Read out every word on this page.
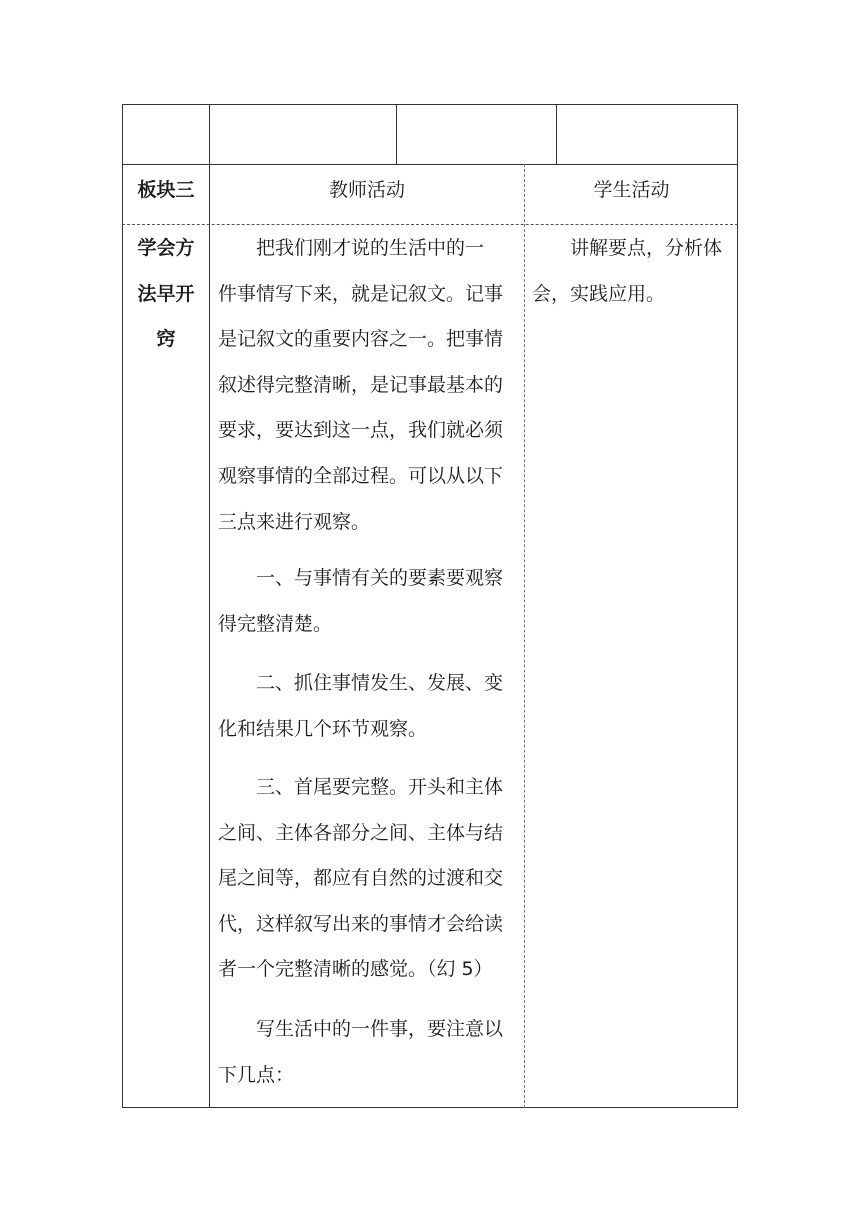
板块三	教师活动	学生活动
学会方
法早开
窍
把我们刚才说的生活中的一
件事情写下来，就是记叙文。记事
是记叙文的重要内容之一。把事情
叙述得完整清晰，是记事最基本的
要求，要达到这一点，我们就必须
观察事情的全部过程。可以从以下
三点来进行观察。
一、与事情有关的要素要观察
得完整清楚。
二、抓住事情发生、发展、变
化和结果几个环节观察。
三、首尾要完整。开头和主体
之间、主体各部分之间、主体与结
尾之间等，都应有自然的过渡和交
代，这样叙写出来的事情才会给读
者一个完整清晰的感觉。（幻 5）
写生活中的一件事，要注意以
下几点：
讲解要点，分析体
会，实践应用。
